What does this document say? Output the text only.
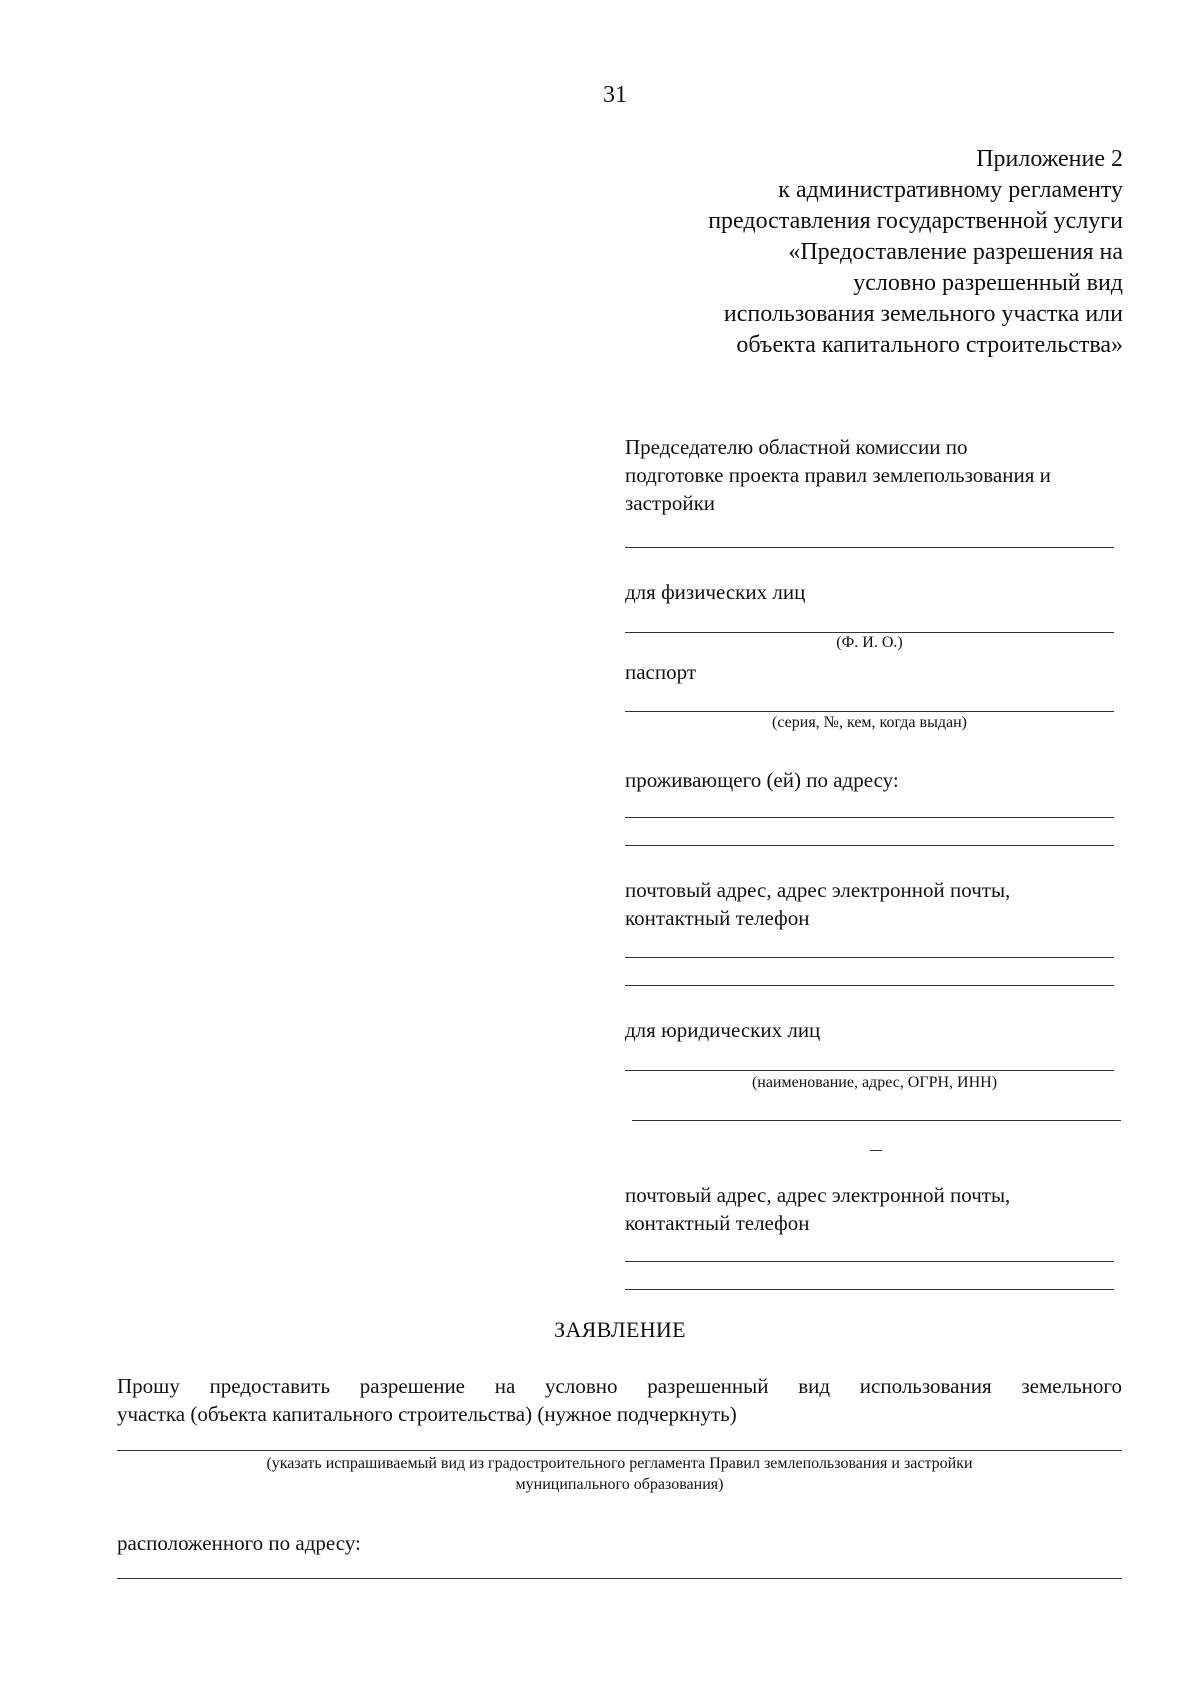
31
Приложение 2
к административному регламенту
предоставления государственной услуги
«Предоставление разрешения на
условно разрешенный вид
использования земельного участка или
объекта капитального строительства»
Председателю областной комиссии по
подготовке проекта правил землепользования и
застройки
для физических лиц
(Ф. И. О.)
паспорт
(серия, №, кем, когда выдан)
проживающего (ей) по адресу:
почтовый адрес, адрес электронной почты,
контактный телефон
для юридических лиц
(наименование, адрес, ОГРН, ИНН)
почтовый адрес, адрес электронной почты,
контактный телефон
ЗАЯВЛЕНИЕ
Прошу предоставить разрешение на условно разрешенный вид использования земельного
участка (объекта капитального строительства) (нужное подчеркнуть)
(указать испрашиваемый вид из градостроительного регламента Правил землепользования и застройки
муниципального образования)
расположенного по адресу:
